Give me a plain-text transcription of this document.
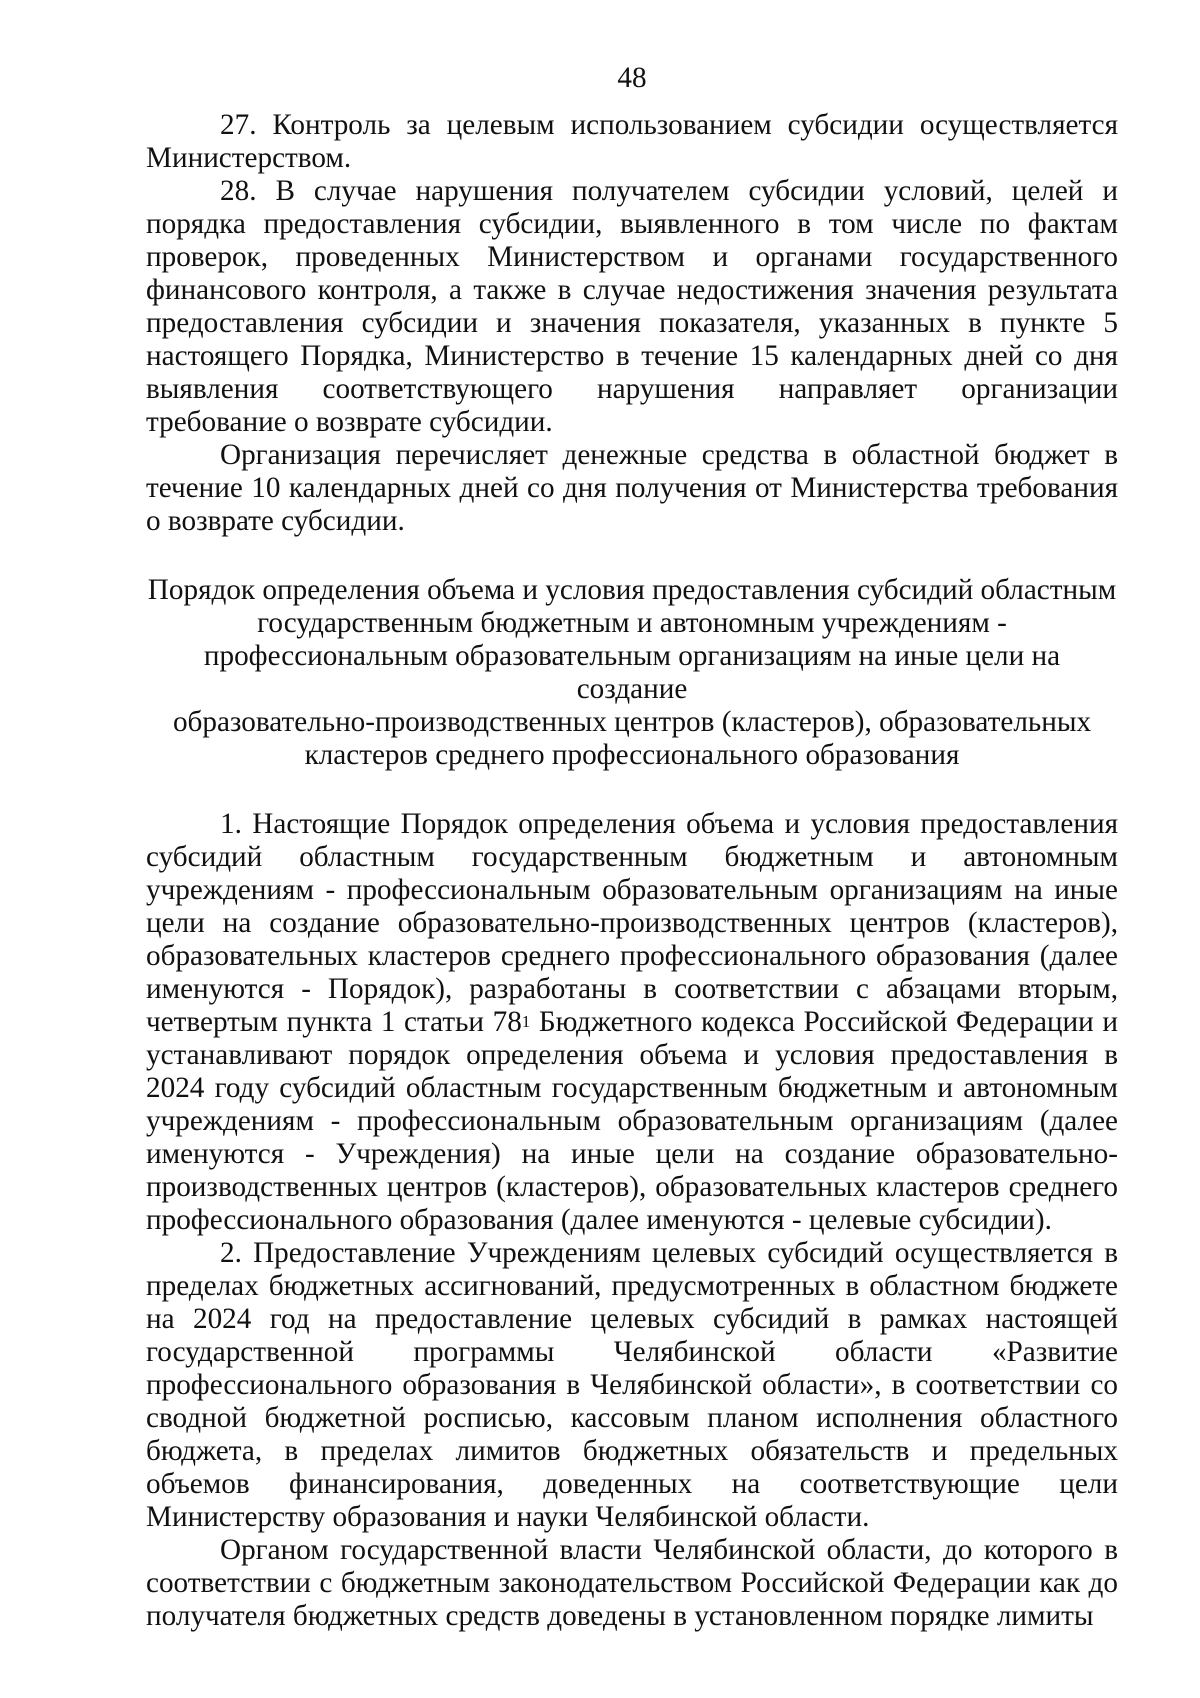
48

27. Контроль за целевым использованием субсидии осуществляется Министерством.

28. В случае нарушения получателем субсидии условий, целей и порядка предоставления субсидии, выявленного в том числе по фактам проверок, проведенных Министерством и органами государственного финансового контроля, а также в случае недостижения значения результата предоставления субсидии и значения показателя, указанных в пункте 5 настоящего Порядка, Министерство в течение 15 календарных дней со дня выявления соответствующего нарушения направляет организации требование о возврате субсидии.

Организация перечисляет денежные средства в областной бюджет в течение 10 календарных дней со дня получения от Министерства требования о возврате субсидии.

Порядок определения объема и условия предоставления субсидий областным
государственным бюджетным и автономным учреждениям -
профессиональным образовательным организациям на иные цели на создание
образовательно-производственных центров (кластеров), образовательных
кластеров среднего профессионального образования

1. Настоящие Порядок определения объема и условия предоставления субсидий областным государственным бюджетным и автономным учреждениям - профессиональным образовательным организациям на иные цели на создание образовательно-производственных центров (кластеров), образовательных кластеров среднего профессионального образования (далее именуются - Порядок), разработаны в соответствии с абзацами вторым, четвертым пункта 1 статьи $78^1$ Бюджетного кодекса Российской Федерации и устанавливают порядок определения объема и условия предоставления в 2024 году субсидий областным государственным бюджетным и автономным учреждениям - профессиональным образовательным организациям (далее именуются - Учреждения) на иные цели на создание образовательно-производственных центров (кластеров), образовательных кластеров среднего профессионального образования (далее именуются - целевые субсидии).

2. Предоставление Учреждениям целевых субсидий осуществляется в пределах бюджетных ассигнований, предусмотренных в областном бюджете на 2024 год на предоставление целевых субсидий в рамках настоящей государственной программы Челябинской области «Развитие профессионального образования в Челябинской области», в соответствии со сводной бюджетной росписью, кассовым планом исполнения областного бюджета, в пределах лимитов бюджетных обязательств и предельных объемов финансирования, доведенных на соответствующие цели Министерству образования и науки Челябинской области.

Органом государственной власти Челябинской области, до которого в соответствии с бюджетным законодательством Российской Федерации как до получателя бюджетных средств доведены в установленном порядке лимиты
